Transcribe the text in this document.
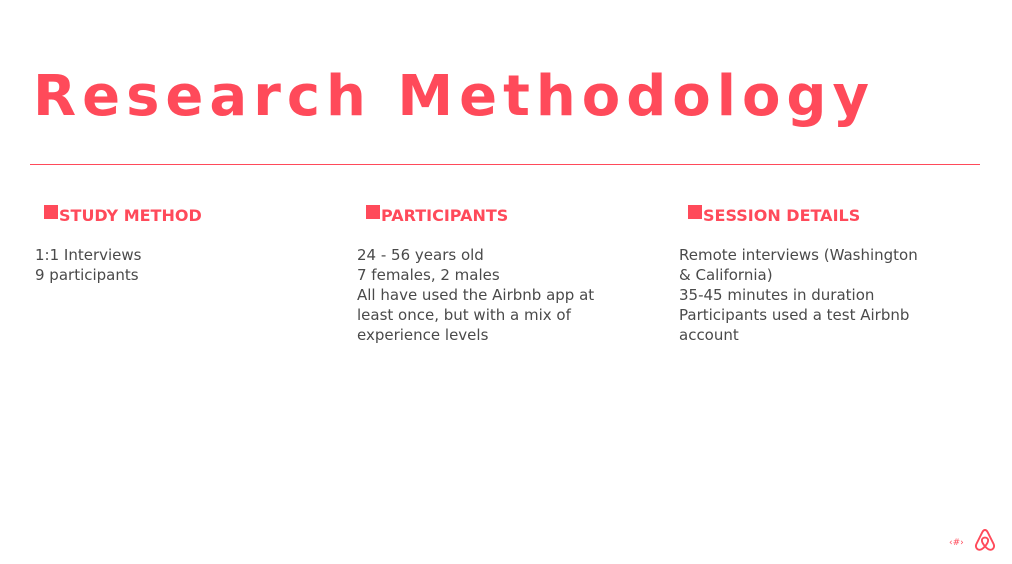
Research Methodology
STUDY METHOD

1:1 Interviews

9 participants

PARTICIPANTS

24 - 56 years old

7 females, 2 males

All have used the Airbnb app at least once, but with a mix of experience levels

SESSION DETAILS

Remote interviews (Washington & California)

35-45 minutes in duration

Participants used a test Airbnb account

‹#›
